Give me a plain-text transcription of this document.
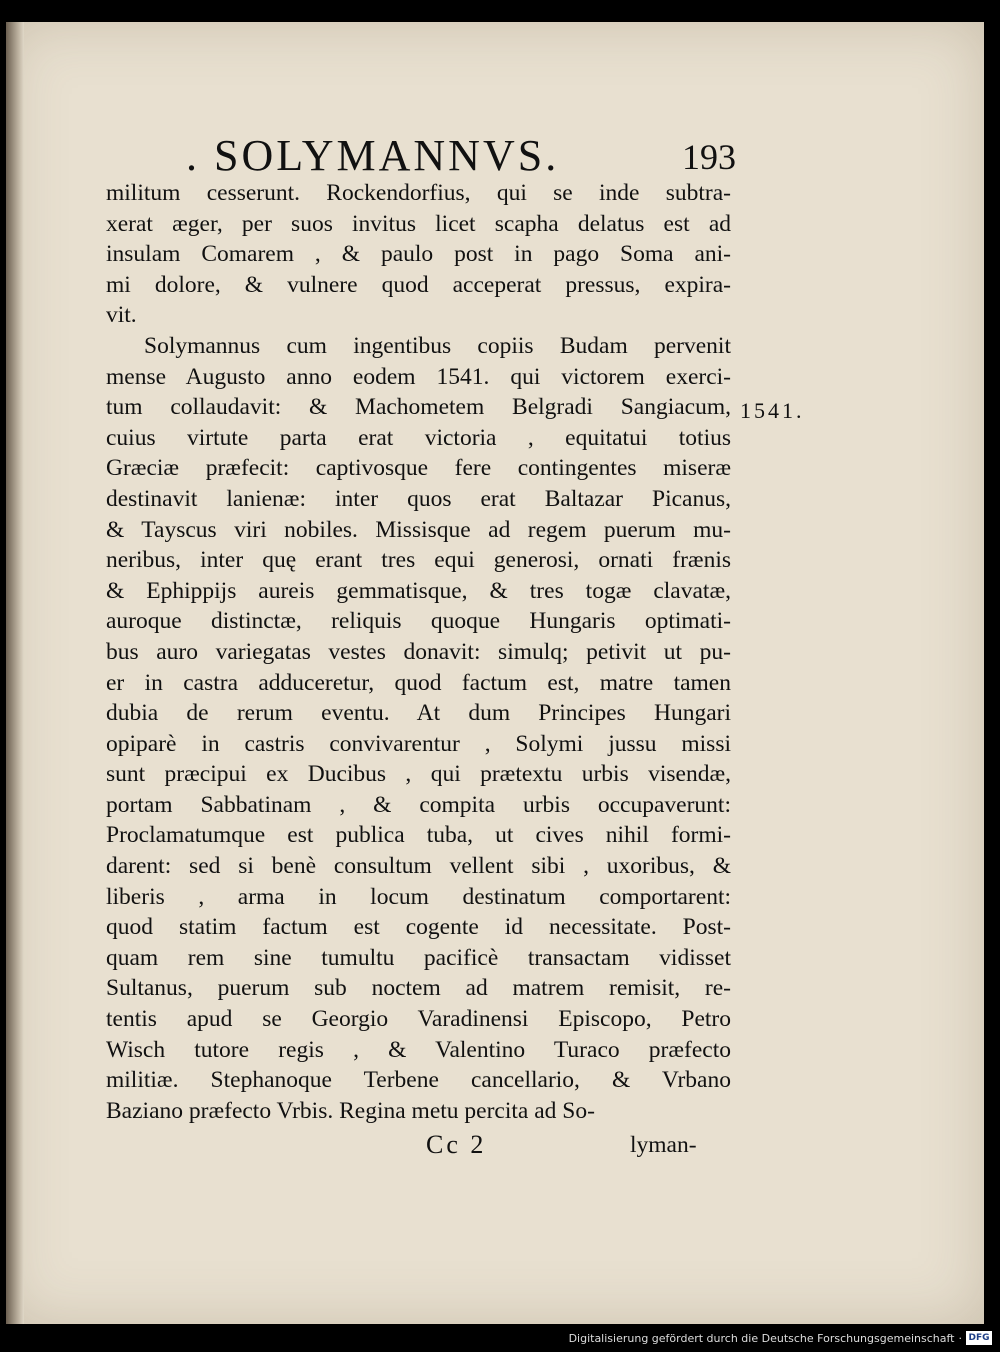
. SOLYMANNVS.	193
militum cesserunt. Rockendorfius, qui se inde subtra-
xerat æger, per suos invitus licet scapha delatus est ad
insulam Comarem , & paulo post in pago Soma ani-
mi dolore, & vulnere quod acceperat pressus, expira-
vit.
Solymannus cum ingentibus copiis Budam pervenit
mense Augusto anno eodem 1541. qui victorem exerci-
tum collaudavit: & Machometem Belgradi Sangiacum,
cuius virtute parta erat victoria , equitatui totius
Græciæ præfecit: captivosque fere contingentes miseræ
destinavit lanienæ: inter quos erat Baltazar Picanus,
& Tayscus viri nobiles. Missisque ad regem puerum mu-
neribus, inter quę erant tres equi generosi, ornati frænis
& Ephippijs aureis gemmatisque, & tres togæ clavatæ,
auroque distinctæ, reliquis quoque Hungaris optimati-
bus auro variegatas vestes donavit: simulq; petivit ut pu-
er in castra adduceretur, quod factum est, matre tamen
dubia de rerum eventu. At dum Principes Hungari
opiparè in castris convivarentur , Solymi jussu missi
sunt præcipui ex Ducibus , qui prætextu urbis visendæ,
portam Sabbatinam , & compita urbis occupaverunt:
Proclamatumque est publica tuba, ut cives nihil formi-
darent: sed si benè consultum vellent sibi , uxoribus, &
liberis , arma in locum destinatum comportarent:
quod statim factum est cogente id necessitate. Post-
quam rem sine tumultu pacificè transactam vidisset
Sultanus, puerum sub noctem ad matrem remisit, re-
tentis apud se Georgio Varadinensi Episcopo, Petro
Wisch tutore regis , & Valentino Turaco præfecto
militiæ. Stephanoque Terbene cancellario, & Vrbano
Baziano præfecto Vrbis. Regina metu percita ad So-
1541.
Cc 2	lyman-
Digitalisierung gefördert durch die Deutsche Forschungsgemeinschaft · DFG
